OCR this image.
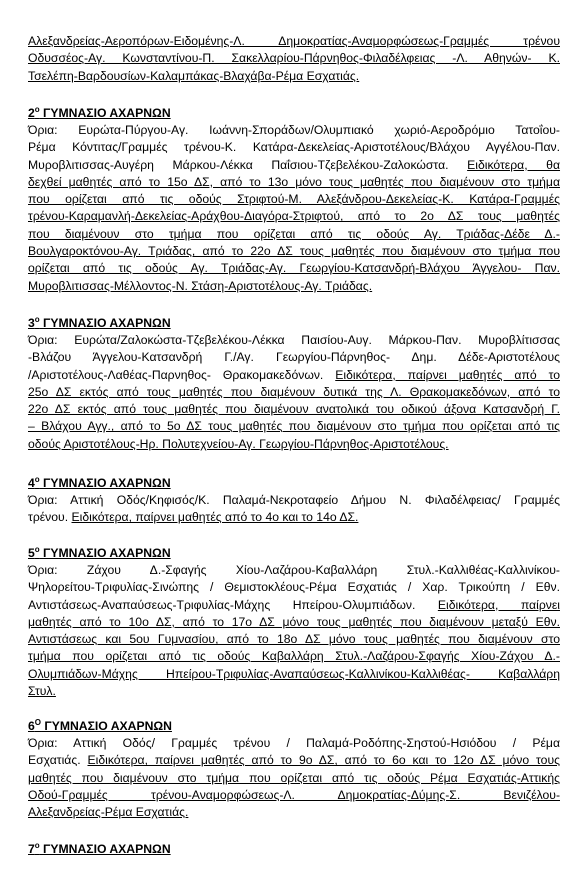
Αλεξανδρείας-Αεροπόρων-Ειδομένης-Λ. Δημοκρατίας-Αναμορφώσεως-Γραμμές τρένου
Οδυσσέος-Αγ. Κωνσταντίνου-Π. Σακελλαρίου-Πάρνηθος-Φιλαδέλφειας -Λ. Αθηνών- Κ.
Τσελέπη-Βαρδουσίων-Καλαμπάκας-Βλαχάβα-Ρέμα Εσχατιάς.
$2^o$ ΓΥΜΝΑΣΙΟ ΑΧΑΡΝΩΝ
Όρια: Ευρώτα-Πύργου-Αγ. Ιωάννη-Σποράδων/Ολυμπιακό χωριό-Αεροδρόμιο Τατοΐου-
Ρέμα Κόντιτας/Γραμμές τρένου-Κ. Κατάρα-Δεκελείας-Αριστοτέλους/Βλάχου Αγγέλου-Παν.
Μυροβλιτισσας-Αυγέρη Μάρκου-Λέκκα Παΐσιου-Τζεβελέκου-Ζαλοκώστα. Ειδικότερα, θα
δεχθεί μαθητές από το 15ο ΔΣ, από το 13ο μόνο τους μαθητές που διαμένουν στο τμήμα
που ορίζεται από τις οδούς Στριφτού-Μ. Αλεξάνδρου-Δεκελείας-Κ. Κατάρα-Γραμμές
τρένου-Καραμανλή-Δεκελείας-Αράχθου-Διαγόρα-Στριφτού, από το 2ο ΔΣ τους μαθητές
που διαμένουν στο τμήμα που ορίζεται από τις οδούς Αγ. Τριάδας-Δέδε Δ.-
Βουλγαροκτόνου-Αγ. Τριάδας, από το 22ο ΔΣ τους μαθητές που διαμένουν στο τμήμα που
ορίζεται από τις οδούς Αγ. Τριάδας-Αγ. Γεωργίου-Κατσανδρή-Βλάχου Άγγελου- Παν.
Μυροβλιτισσας-Μέλλοντος-Ν. Στάση-Αριστοτέλους-Αγ. Τριάδας.
$3^o$ ΓΥΜΝΑΣΙΟ ΑΧΑΡΝΩΝ
Όρια: Ευρώτα/Ζαλοκώστα-Τζεβελέκου-Λέκκα Παισίου-Αυγ. Μάρκου-Παν. Μυροβλίτισσας
-Βλάζου Άγγελου-Κατσανδρή Γ./Αγ. Γεωργίου-Πάρνηθος- Δημ. Δέδε-Αριστοτέλους
/Αριστοτέλους-Λαθέας-Παρνηθος- Θρακομακεδόνων. Ειδικότερα, παίρνει μαθητές από το
25ο ΔΣ εκτός από τους μαθητές που διαμένουν δυτικά της Λ. Θρακομακεδόνων, από το
22ο ΔΣ εκτός από τους μαθητές που διαμένουν ανατολικά του οδικού άξονα Κατσανδρή Γ.
– Βλάχου Αγγ., από το 5ο ΔΣ τους μαθητές που διαμένουν στο τμήμα που ορίζεται από τις
οδούς Αριστοτέλους-Ηρ. Πολυτεχνείου-Αγ. Γεωργίου-Πάρνηθος-Αριστοτέλους.
$4^o$ ΓΥΜΝΑΣΙΟ ΑΧΑΡΝΩΝ
Όρια: Αττική Οδός/Κηφισός/Κ. Παλαμά-Νεκροταφείο Δήμου Ν. Φιλαδέλφειας/ Γραμμές
τρένου. Ειδικότερα, παίρνει μαθητές από το 4ο και το 14ο ΔΣ.
$5^o$ ΓΥΜΝΑΣΙΟ ΑΧΑΡΝΩΝ
Όρια: Ζάχου Δ.-Σφαγής Χίου-Λαζάρου-Καβαλλάρη Στυλ.-Καλλιθέας-Καλλινίκου-
Ψηλορείτου-Τριφυλίας-Σινώπης / Θεμιστοκλέους-Ρέμα Εσχατιάς / Χαρ. Τρικούπη / Εθν.
Αντιστάσεως-Αναπαύσεως-Τριφυλίας-Μάχης Ηπείρου-Ολυμπιάδων. Ειδικότερα, παίρνει
μαθητές από το 10ο ΔΣ, από το 17ο ΔΣ μόνο τους μαθητές που διαμένουν μεταξύ Εθν.
Αντιστάσεως και 5ου Γυμνασίου, από το 18ο ΔΣ μόνο τους μαθητές που διαμένουν στο
τμήμα που ορίζεται από τις οδούς Καβαλλάρη Στυλ.-Λαζάρου-Σφαγής Χίου-Ζάχου Δ.-
Ολυμπιάδων-Μάχης Ηπείρου-Τριφυλίας-Αναπαύσεως-Καλλινίκου-Καλλιθέας- Καβαλλάρη
Στυλ.
$6^O$ ΓΥΜΝΑΣΙΟ ΑΧΑΡΝΩΝ
Όρια: Αττική Οδός/ Γραμμές τρένου / Παλαμά-Ροδόπης-Σηστού-Ησιόδου / Ρέμα
Εσχατιάς. Ειδικότερα, παίρνει μαθητές από το 9ο ΔΣ, από το 6ο και το 12ο ΔΣ μόνο τους
μαθητές που διαμένουν στο τμήμα που ορίζεται από τις οδούς Ρέμα Εσχατιάς-Αττικής
Οδού-Γραμμές τρένου-Αναμορφώσεως-Λ. Δημοκρατίας-Δύμης-Σ. Βενιζέλου-
Αλεξανδρείας-Ρέμα Εσχατιάς.
$7^o$ ΓΥΜΝΑΣΙΟ ΑΧΑΡΝΩΝ
